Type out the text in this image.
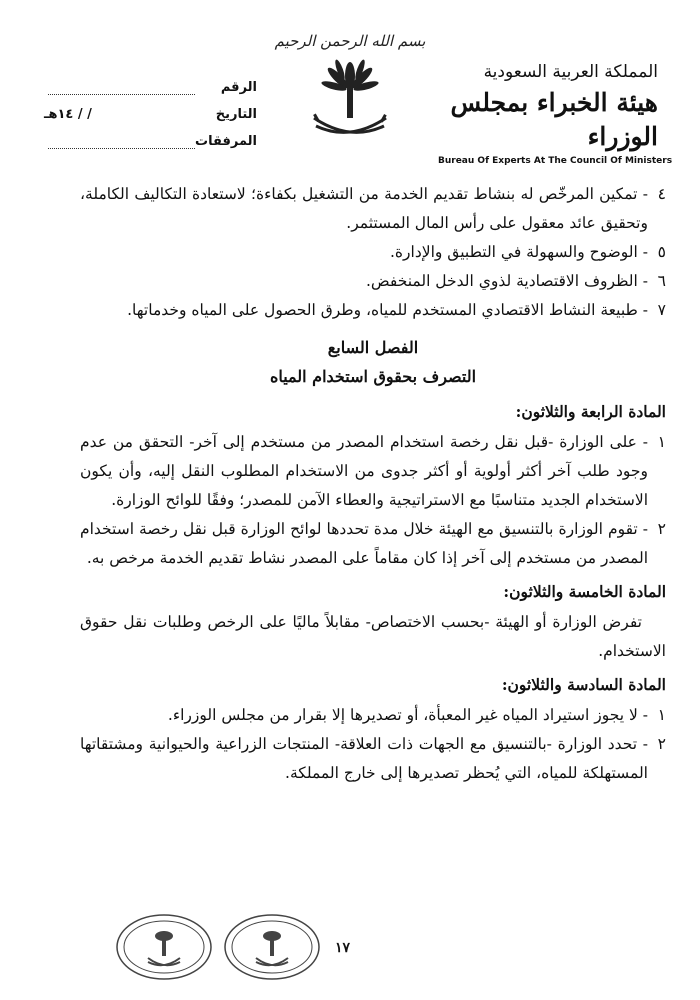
بسم الله الرحمن الرحيم

المملكة العربية السعودية

هيئة الخبراء بمجلس الوزراء

Bureau Of Experts At The Council Of Ministers
الرقم
التاريخ
/ / ١٤هـ
المرفقات
٤
- تمكين المرخّص له بنشاط تقديم الخدمة من التشغيل بكفاءة؛ لاستعادة التكاليف الكاملة، وتحقيق عائد معقول على رأس المال المستثمر.
٥
- الوضوح والسهولة في التطبيق والإدارة.
٦
- الظروف الاقتصادية لذوي الدخل المنخفض.
٧
- طبيعة النشاط الاقتصادي المستخدم للمياه، وطرق الحصول على المياه وخدماتها.

الفصل السابع

التصرف بحقوق استخدام المياه

المادة الرابعة والثلاثون:

١
- على الوزارة -قبل نقل رخصة استخدام المصدر من مستخدم إلى آخر- التحقق من عدم وجود طلب آخر أكثر أولوية أو أكثر جدوى من الاستخدام المطلوب النقل إليه، وأن يكون الاستخدام الجديد متناسبًا مع الاستراتيجية والعطاء الآمن للمصدر؛ وفقًا للوائح الوزارة.
٢
- تقوم الوزارة بالتنسيق مع الهيئة خلال مدة تحددها لوائح الوزارة قبل نقل رخصة استخدام المصدر من مستخدم إلى آخر إذا كان مقاماً على المصدر نشاط تقديم الخدمة مرخص به.

المادة الخامسة والثلاثون:

تفرض الوزارة أو الهيئة -بحسب الاختصاص- مقابلاً ماليًا على الرخص وطلبات نقل حقوق الاستخدام.

المادة السادسة والثلاثون:

١
- لا يجوز استيراد المياه غير المعبأة، أو تصديرها إلا بقرار من مجلس الوزراء.
٢
- تحدد الوزارة -بالتنسيق مع الجهات ذات العلاقة- المنتجات الزراعية والحيوانية ومشتقاتها المستهلكة للمياه، التي يُحظر تصديرها إلى خارج المملكة.
١٧
